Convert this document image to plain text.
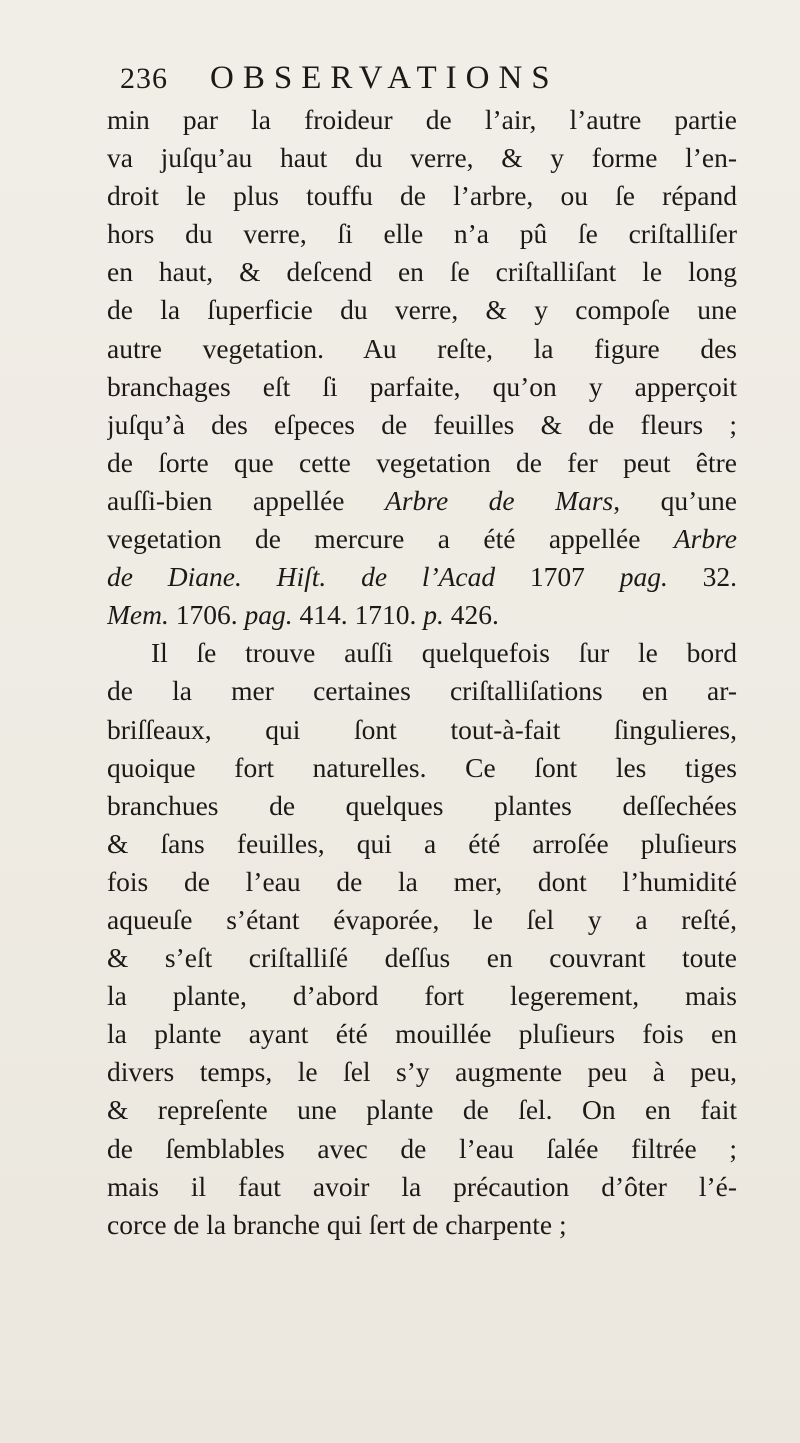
236	OBSERVATIONS
min par la froideur de l’air, l’autre partie
va juſqu’au haut du verre, & y forme l’en-
droit le plus touffu de l’arbre, ou ſe répand
hors du verre, ſi elle n’a pû ſe criſtalliſer
en haut, & deſcend en ſe criſtalliſant le long
de la ſuperficie du verre, & y compoſe une
autre vegetation. Au reſte, la figure des
branchages eſt ſi parfaite, qu’on y apperçoit
juſqu’à des eſpeces de feuilles & de fleurs ;
de ſorte que cette vegetation de fer peut être
auſſi-bien appellée Arbre de Mars, qu’une
vegetation de mercure a été appellée Arbre
de Diane. Hiſt. de l’Acad 1707 pag. 32.
Mem. 1706. pag. 414. 1710. p. 426.
Il ſe trouve auſſi quelquefois ſur le bord
de la mer certaines criſtalliſations en ar-
briſſeaux, qui ſont tout-à-fait ſingulieres,
quoique fort naturelles. Ce ſont les tiges
branchues de quelques plantes deſſechées
& ſans feuilles, qui a été arroſée pluſieurs
fois de l’eau de la mer, dont l’humidité
aqueuſe s’étant évaporée, le ſel y a reſté,
& s’eſt criſtalliſé deſſus en couvrant toute
la plante, d’abord fort legerement, mais
la plante ayant été mouillée pluſieurs fois en
divers temps, le ſel s’y augmente peu à peu,
& repreſente une plante de ſel. On en fait
de ſemblables avec de l’eau ſalée filtrée ;
mais il faut avoir la précaution d’ôter l’é-
corce de la branche qui ſert de charpente ;
